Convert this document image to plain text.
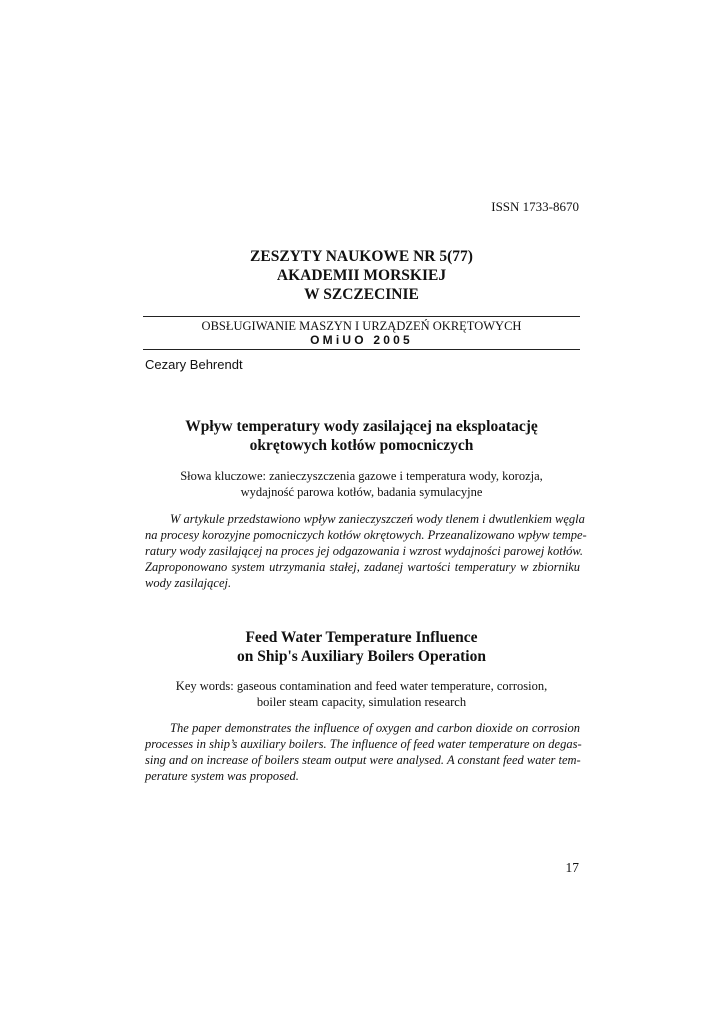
ISSN 1733-8670
ZESZYTY NAUKOWE NR 5(77)
AKADEMII MORSKIEJ
W SZCZECINIE
OBSŁUGIWANIE MASZYN I URZĄDZEŃ OKRĘTOWYCH
OMiUO 2005
Cezary Behrendt
Wpływ temperatury wody zasilającej na eksploatację
okrętowych kotłów pomocniczych
Słowa kluczowe: zanieczyszczenia gazowe i temperatura wody, korozja,
wydajność parowa kotłów, badania symulacyjne
W artykule przedstawiono wpływ zanieczyszczeń wody tlenem i dwutlenkiem węgla
na procesy korozyjne pomocniczych kotłów okrętowych. Przeanalizowano wpływ tempe-
ratury wody zasilającej na proces jej odgazowania i wzrost wydajności parowej kotłów.
Zaproponowano system utrzymania stałej, zadanej wartości temperatury w zbiorniku
wody zasilającej.
Feed Water Temperature Influence
on Ship's Auxiliary Boilers Operation
Key words: gaseous contamination and feed water temperature, corrosion,
boiler steam capacity, simulation research
The paper demonstrates the influence of oxygen and carbon dioxide on corrosion
processes in ship’s auxiliary boilers. The influence of feed water temperature on degas-
sing and on increase of boilers steam output were analysed. A constant feed water tem-
perature system was proposed.
17
